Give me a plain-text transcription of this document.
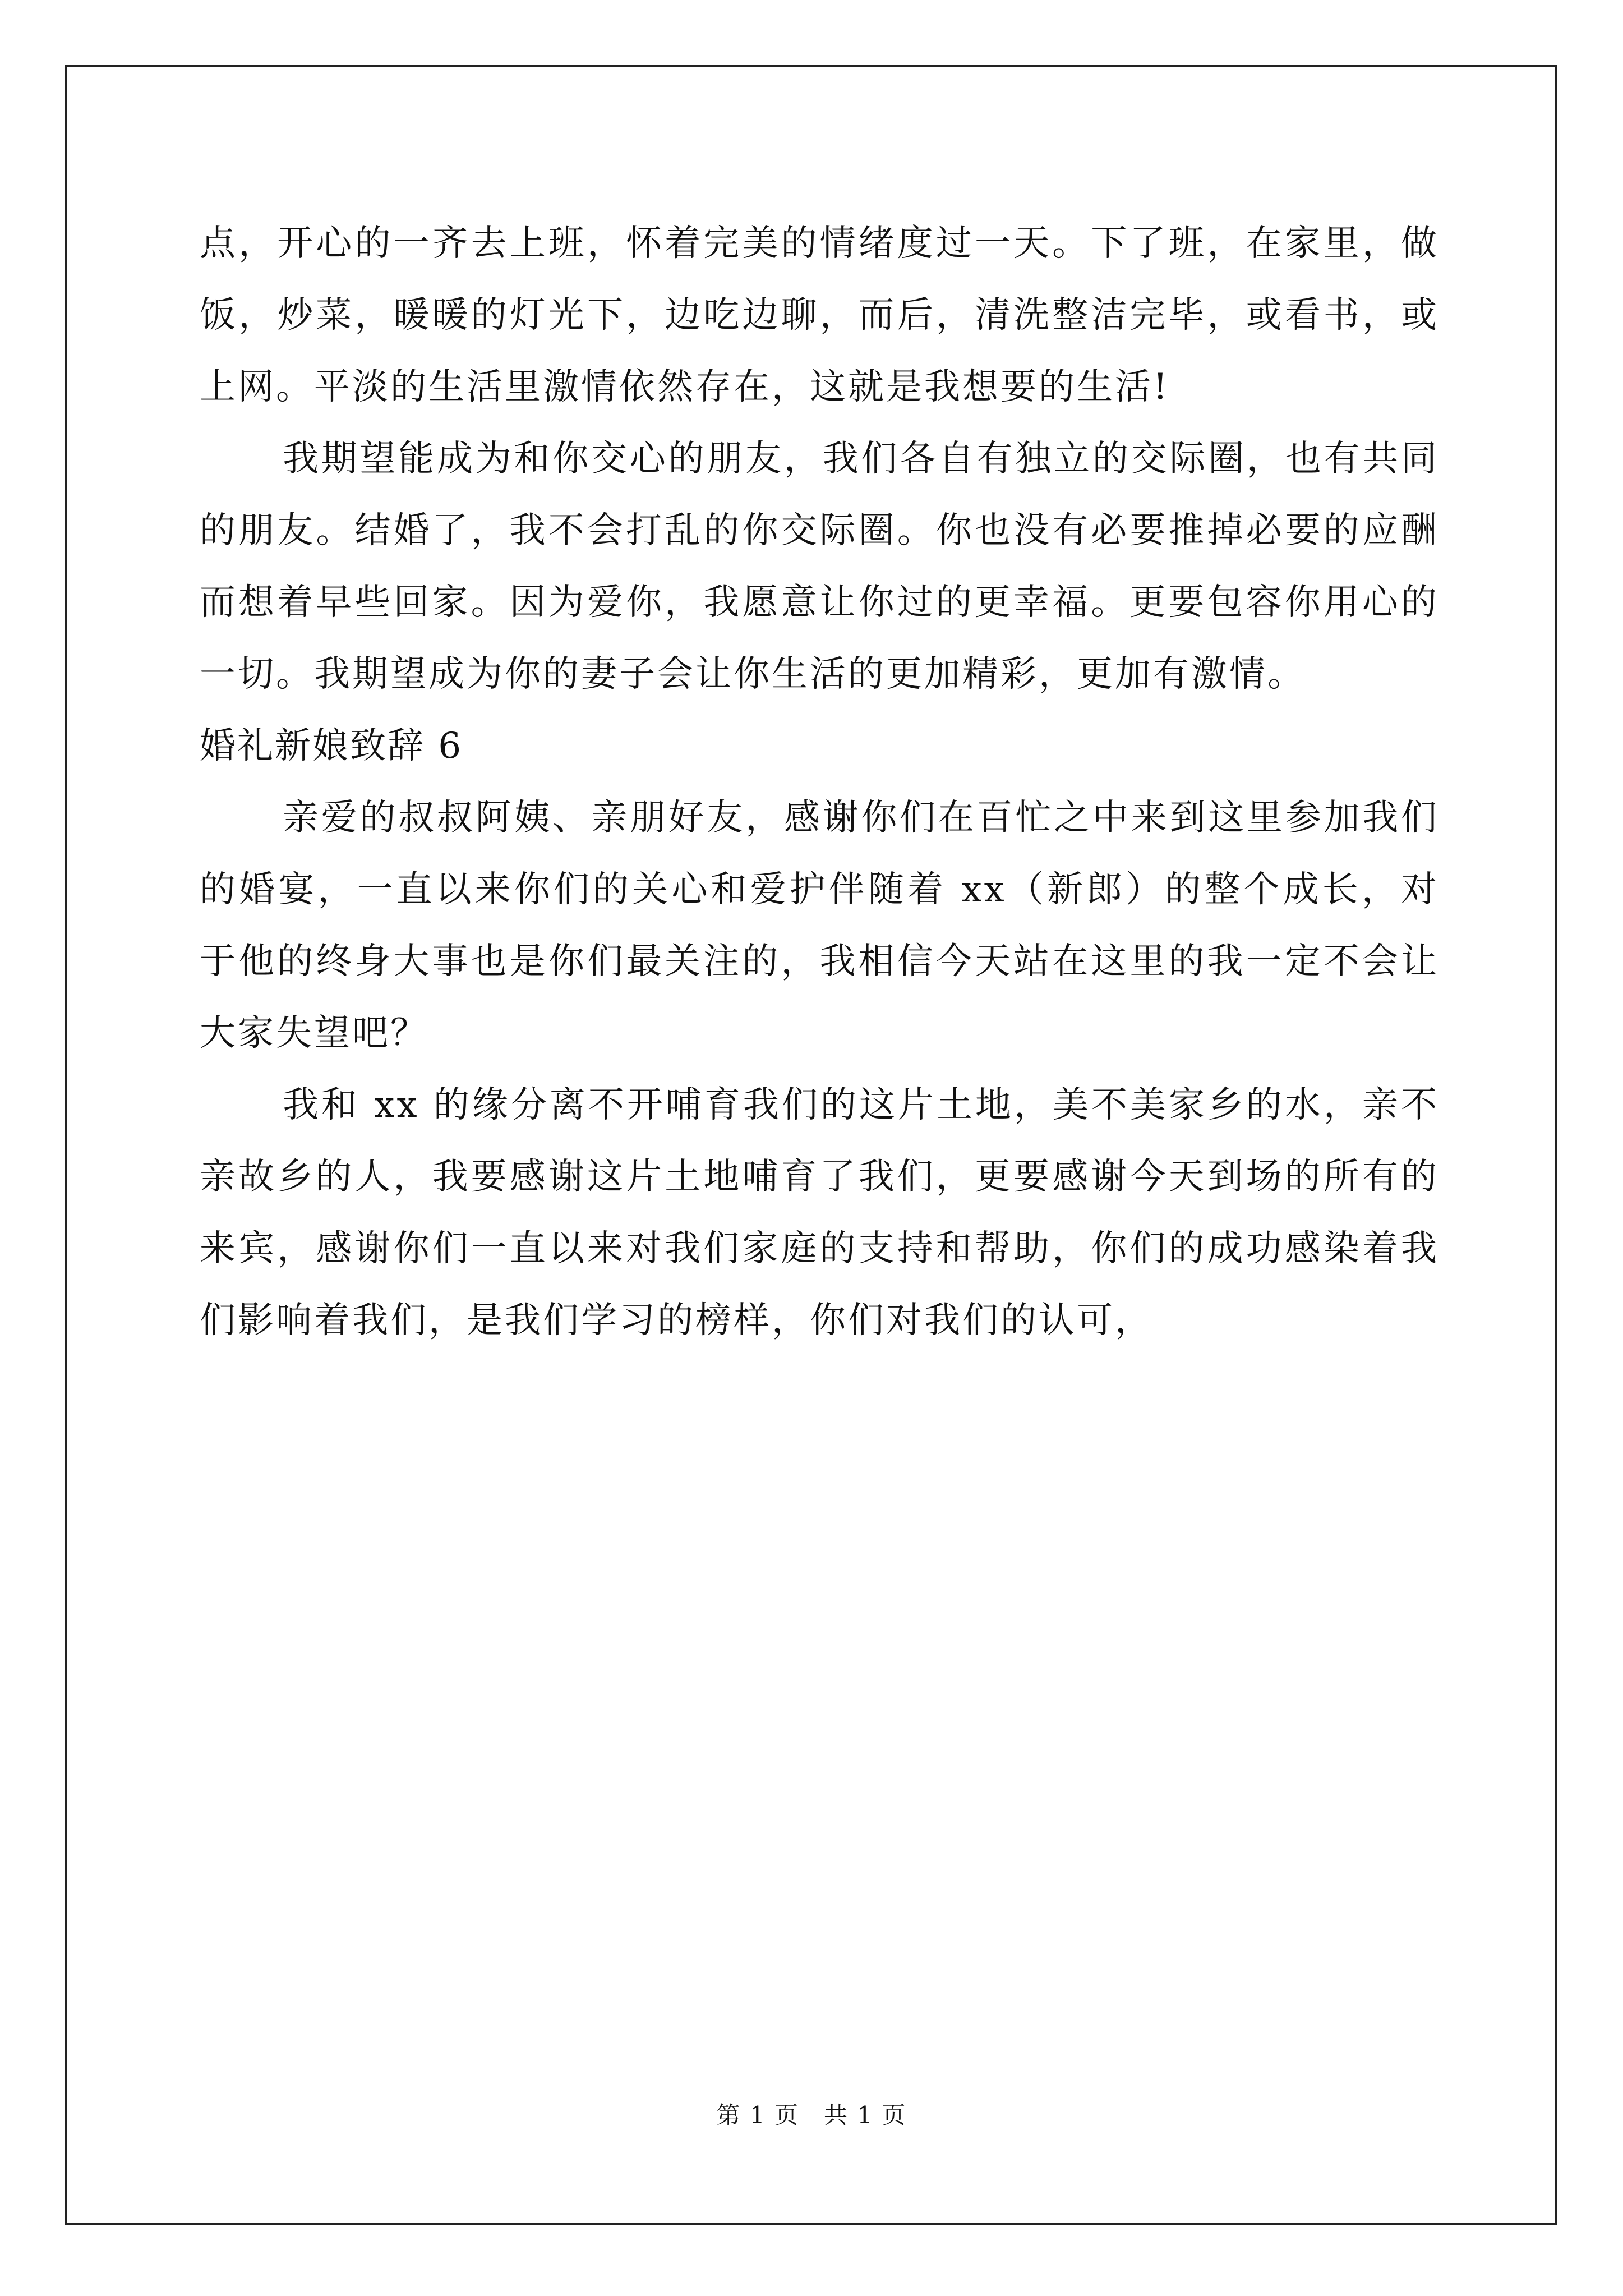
点，开心的一齐去上班，怀着完美的情绪度过一天。下了班，在家里，做饭，炒菜，暖暖的灯光下，边吃边聊，而后，清洗整洁完毕，或看书，或上网。平淡的生活里激情依然存在，这就是我想要的生活!

我期望能成为和你交心的朋友，我们各自有独立的交际圈，也有共同的朋友。结婚了，我不会打乱的你交际圈。你也没有必要推掉必要的应酬而想着早些回家。因为爱你，我愿意让你过的更幸福。更要包容你用心的一切。我期望成为你的妻子会让你生活的更加精彩，更加有激情。

婚礼新娘致辞 6

亲爱的叔叔阿姨、亲朋好友，感谢你们在百忙之中来到这里参加我们的婚宴，一直以来你们的关心和爱护伴随着 xx（新郎）的整个成长，对于他的终身大事也是你们最关注的，我相信今天站在这里的我一定不会让大家失望吧？

我和 xx 的缘分离不开哺育我们的这片土地，美不美家乡的水，亲不亲故乡的人，我要感谢这片土地哺育了我们，更要感谢今天到场的所有的来宾，感谢你们一直以来对我们家庭的支持和帮助，你们的成功感染着我们影响着我们，是我们学习的榜样，你们对我们的认可，

第 1 页　共 1 页
